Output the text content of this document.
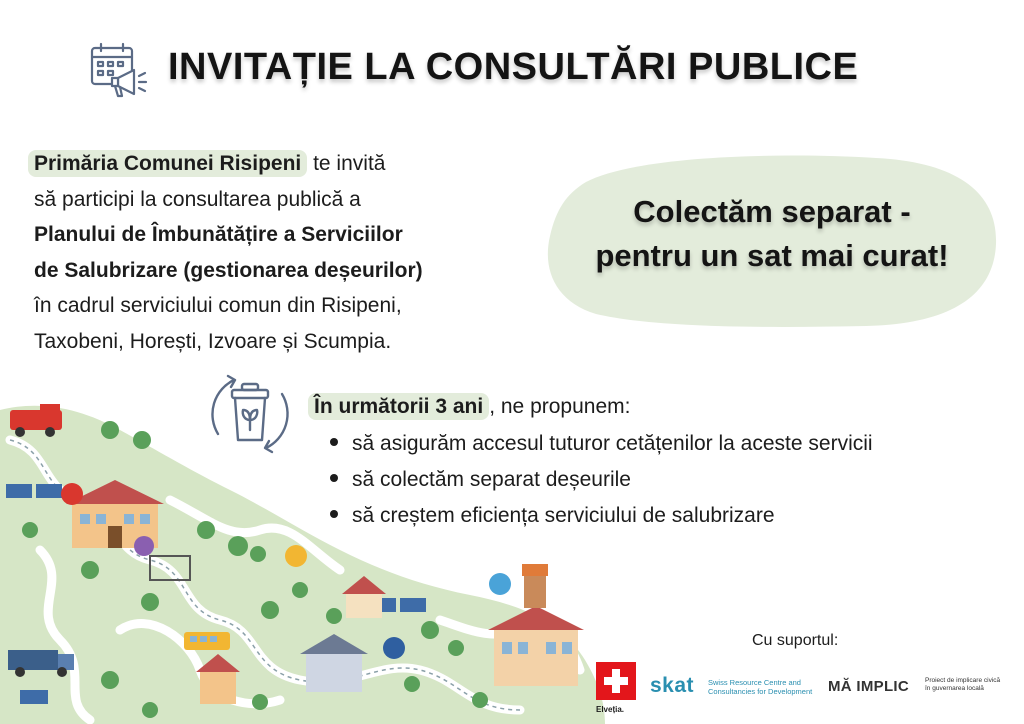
INVITAȚIE LA CONSULTĂRI PUBLICE
Primăria Comunei Risipeni te invită
să participi la consultarea publică a
Planului de Îmbunătățire a Serviciilor
de Salubrizare (gestionarea deșeurilor)
în cadrul serviciului comun din Risipeni,
Taxobeni, Horești, Izvoare și Scumpia.
Colectăm separat -
pentru un sat mai curat!
În următorii 3 ani , ne propunem:
să asigurăm accesul tuturor cetățenilor la aceste servicii
să colectăm separat deșeurile
să creștem eficiența serviciului de salubrizare
Cu suportul:
Elveția.
skat Swiss Resource Centre and
Consultancies for Development MĂ IMPLIC Proiect de implicare civică
în guvernarea locală
